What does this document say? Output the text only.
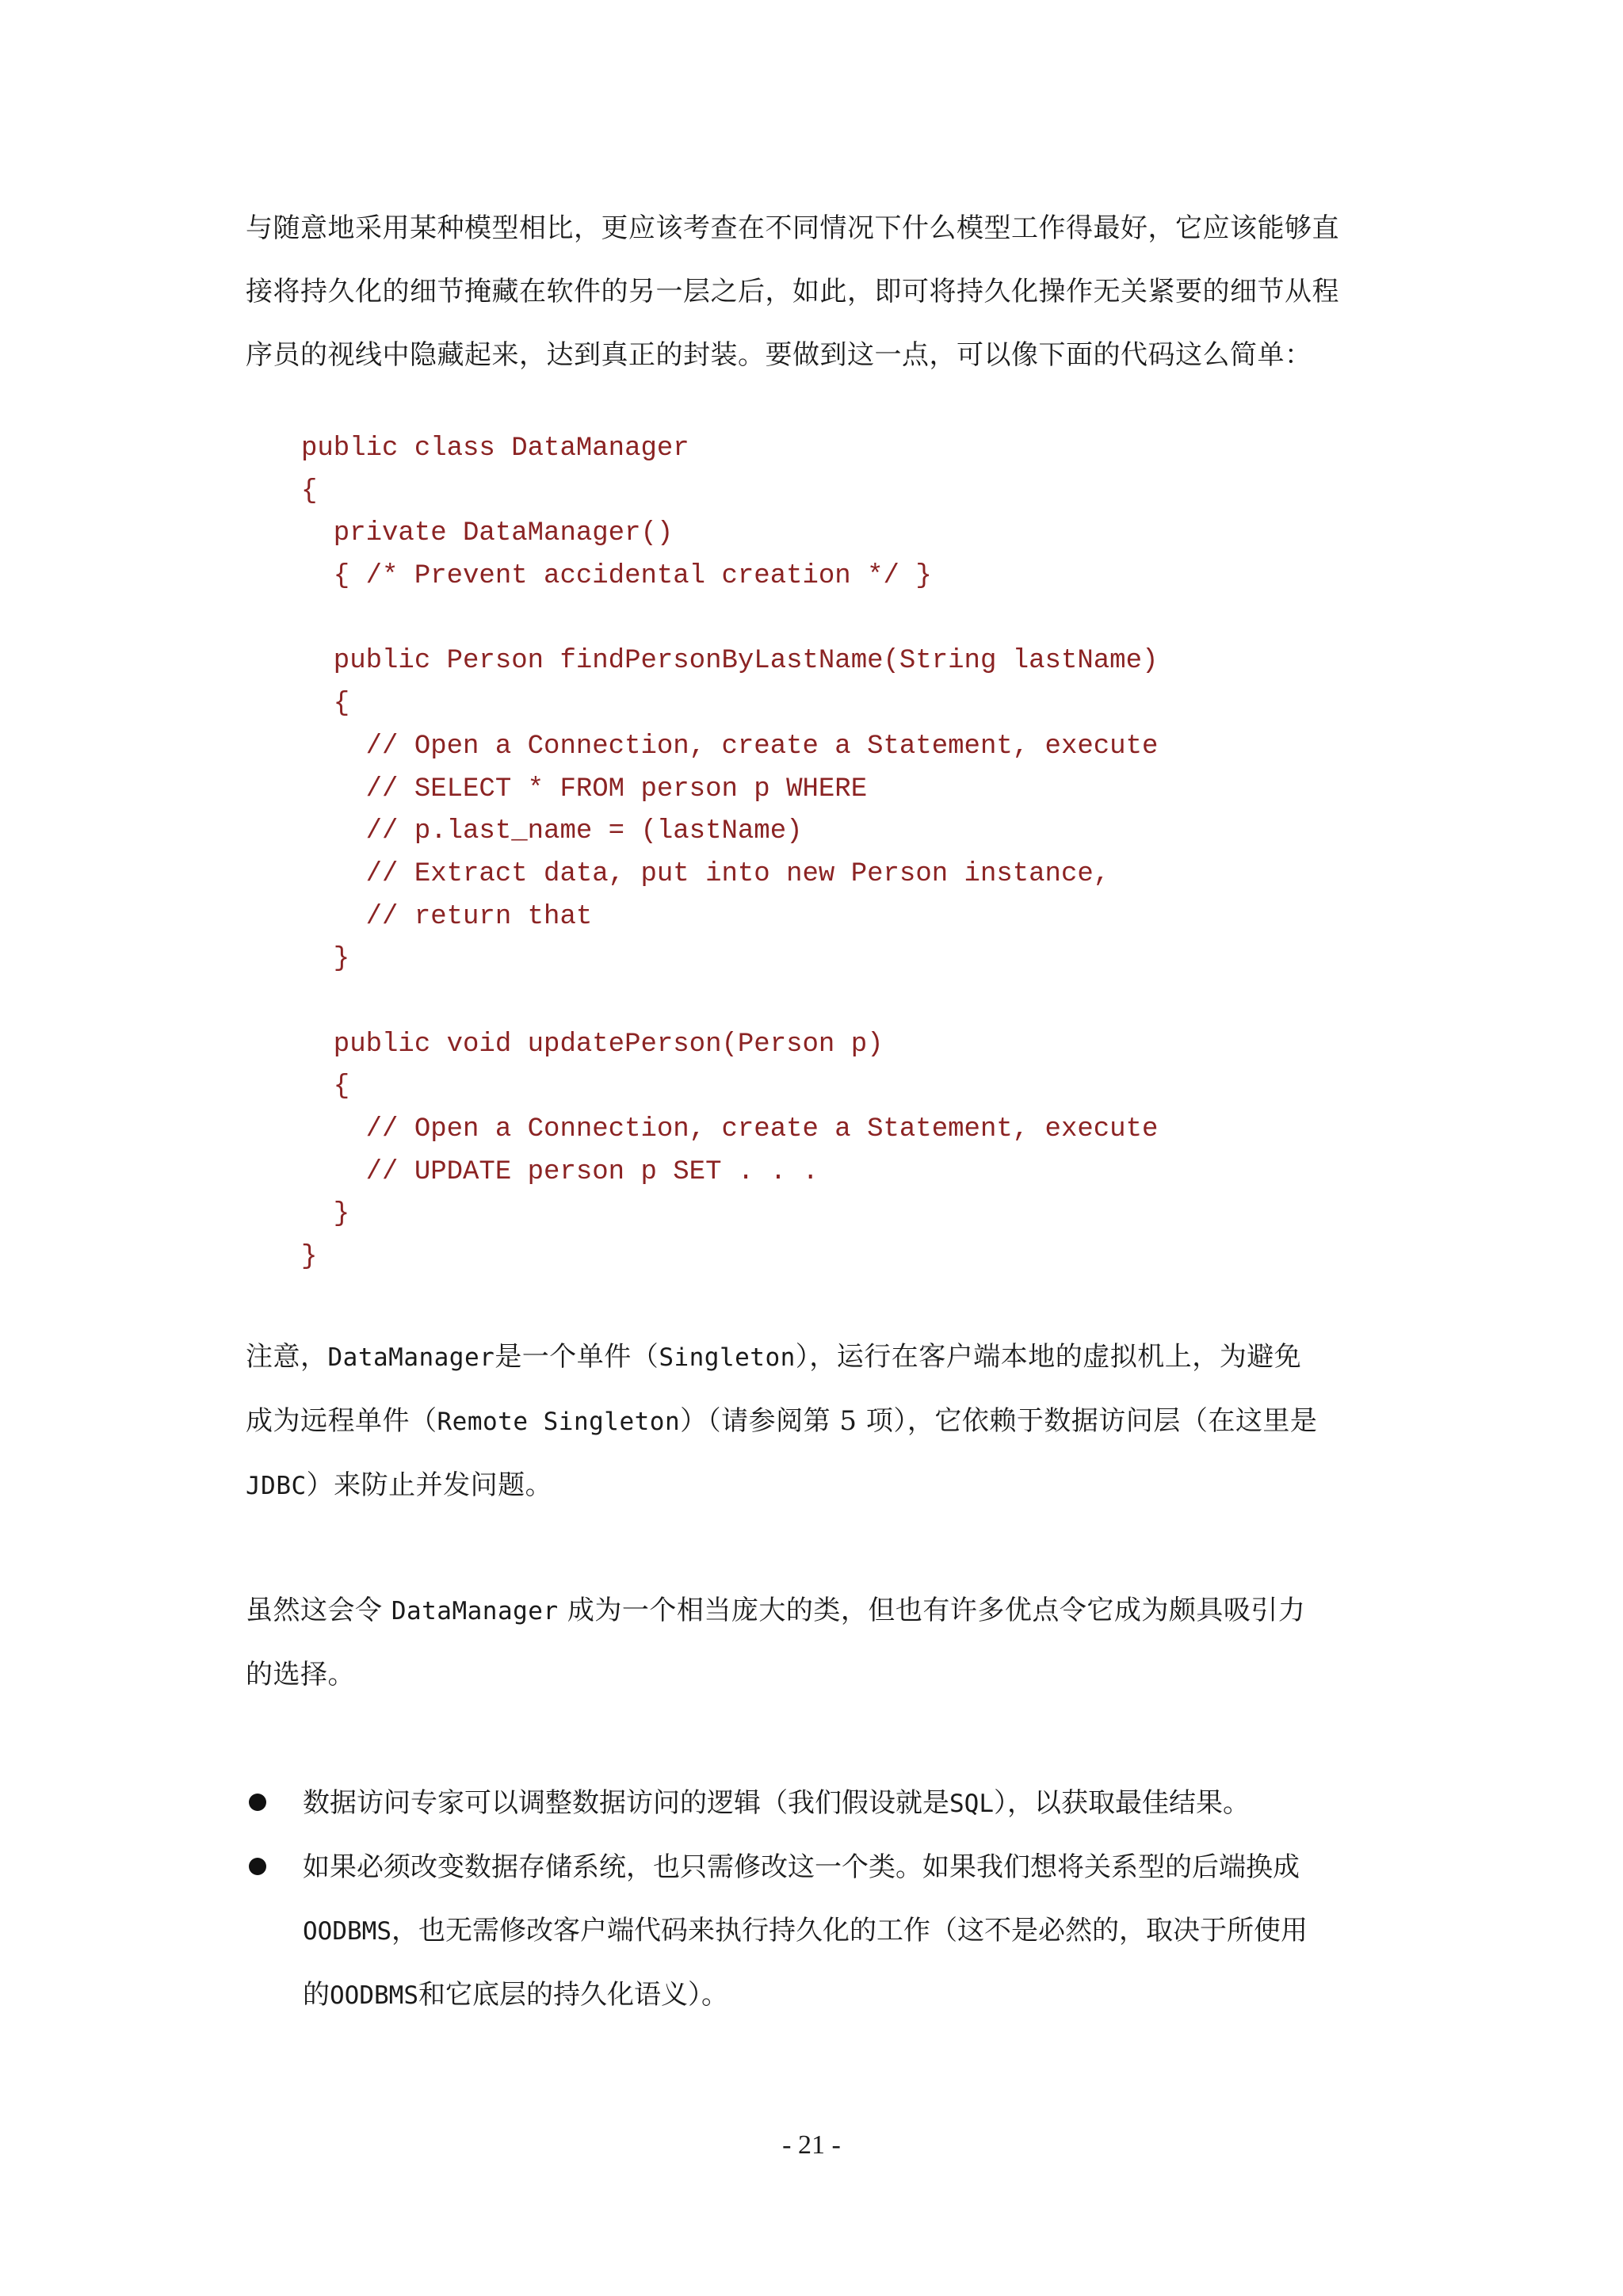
与随意地采用某种模型相比，更应该考查在不同情况下什么模型工作得最好，它应该能够直
接将持久化的细节掩藏在软件的另一层之后，如此，即可将持久化操作无关紧要的细节从程
序员的视线中隐藏起来，达到真正的封装。要做到这一点，可以像下面的代码这么简单：

public class DataManager
{
private DataManager()
{ /* Prevent accidental creation */ }
public Person findPersonByLastName(String lastName)
{
// Open a Connection, create a Statement, execute
// SELECT * FROM person p WHERE
// p.last_name = (lastName)
// Extract data, put into new Person instance,
// return that
}
public void updatePerson(Person p)
{
// Open a Connection, create a Statement, execute
// UPDATE person p SET . . .
}
}

注意，DataManager是一个单件（Singleton），运行在客户端本地的虚拟机上，为避免
成为远程单件（Remote Singleton）（请参阅第 5 项），它依赖于数据访问层（在这里是
JDBC）来防止并发问题。

虽然这会令 DataManager 成为一个相当庞大的类，但也有许多优点令它成为颇具吸引力
的选择。

数据访问专家可以调整数据访问的逻辑（我们假设就是SQL），以获取最佳结果。
如果必须改变数据存储系统，也只需修改这一个类。如果我们想将关系型的后端换成
OODBMS，也无需修改客户端代码来执行持久化的工作（这不是必然的，取决于所使用
的OODBMS和它底层的持久化语义）。
- 21 -
